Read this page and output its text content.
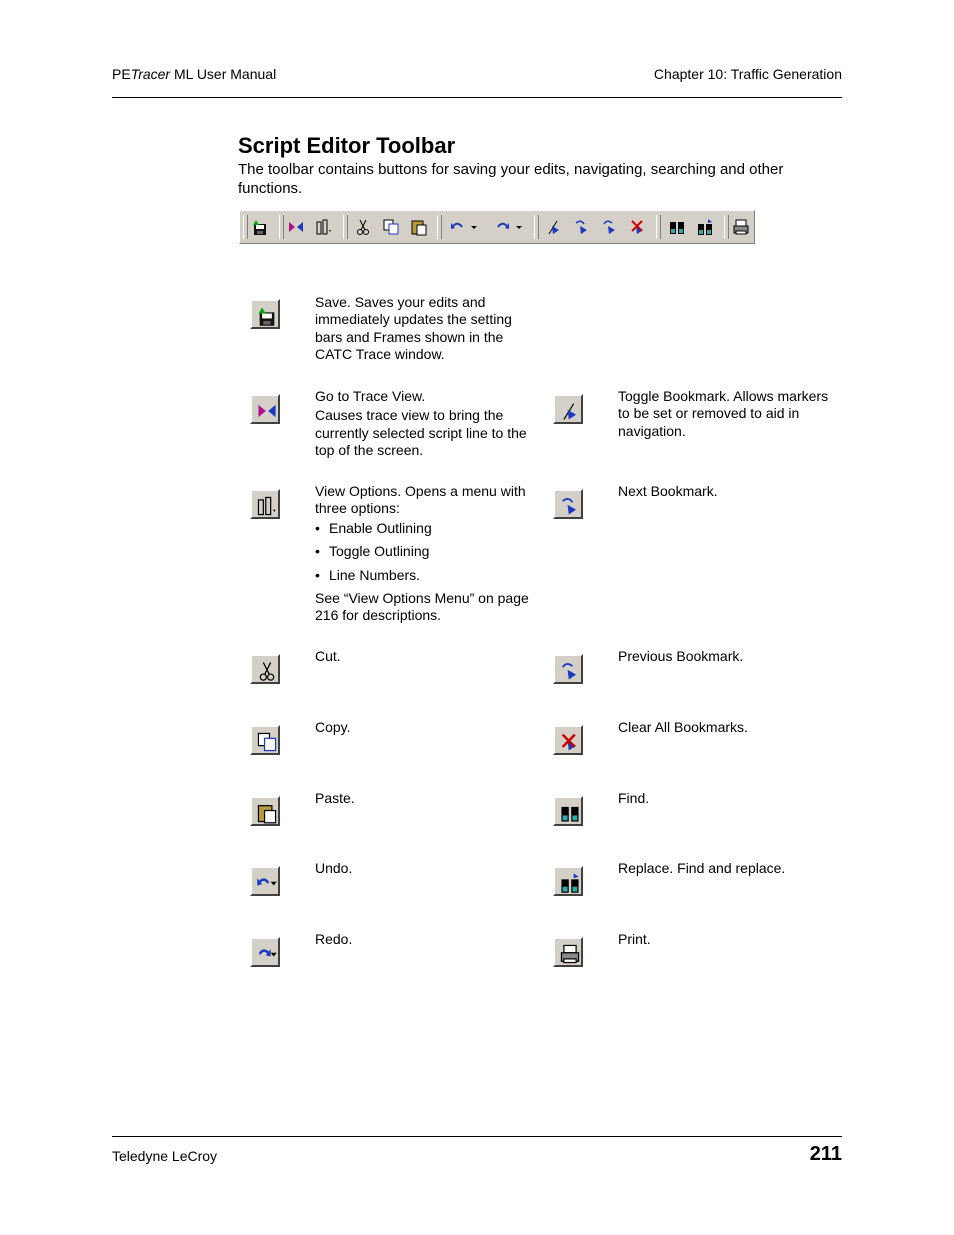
PETracer ML User Manual	Chapter 10: Traffic Generation
Script Editor Toolbar
The toolbar contains buttons for saving your edits, navigating, searching and other functions.
Save. Saves your edits and immediately updates the setting bars and Frames shown in the CATC Trace window.
Go to Trace View.
Causes trace view to bring the currently selected script line to the top of the screen.
View Options. Opens a menu with three options:
• Enable Outlining
• Toggle Outlining
• Line Numbers.
See “View Options Menu” on page 216 for descriptions.
Cut.
Copy.
Paste.
Undo.
Redo.
Toggle Bookmark. Allows markers to be set or removed to aid in navigation.
Next Bookmark.
Previous Bookmark.
Clear All Bookmarks.
Find.
Replace. Find and replace.
Print.
Teledyne LeCroy	211
